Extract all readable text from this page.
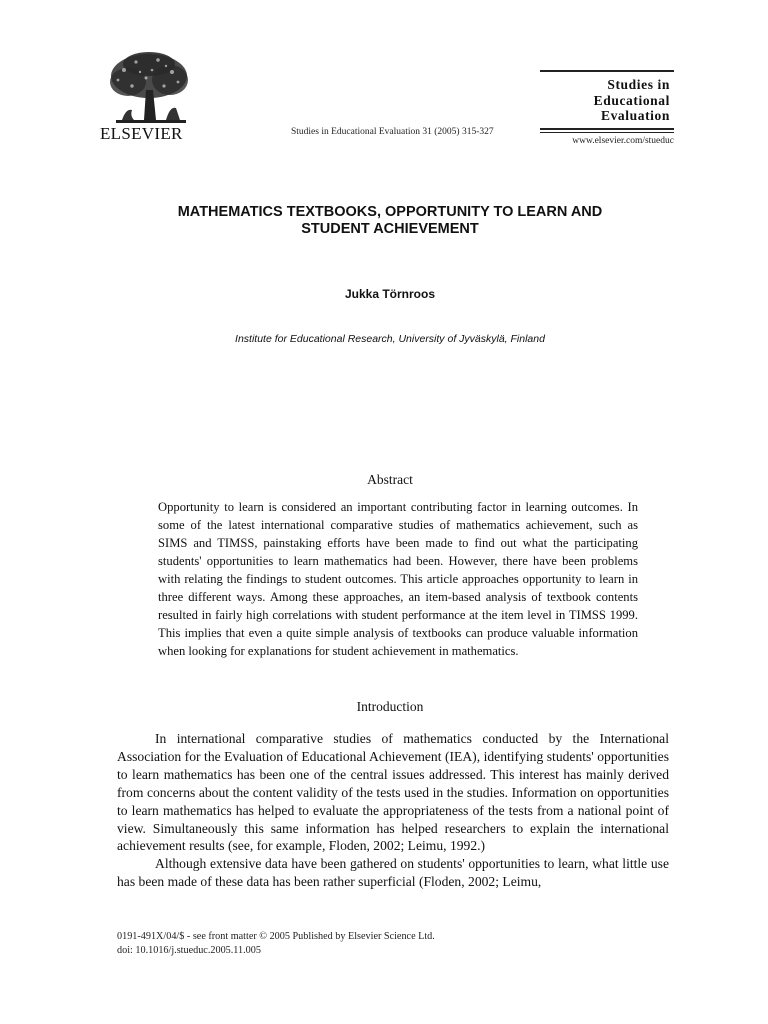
ELSEVIER	Studies in Educational Evaluation 31 (2005) 315-327
Studies in
Educational
Evaluation
www.elsevier.com/stueduc
MATHEMATICS TEXTBOOKS, OPPORTUNITY TO LEARN AND
STUDENT ACHIEVEMENT
Jukka Törnroos
Institute for Educational Research, University of Jyväskylä, Finland
Abstract
Opportunity to learn is considered an important contributing factor in learning outcomes. In some of the latest international comparative studies of mathematics achievement, such as SIMS and TIMSS, painstaking efforts have been made to find out what the participating students' opportunities to learn mathematics had been. However, there have been problems with relating the findings to student outcomes. This article approaches opportunity to learn in three different ways. Among these approaches, an item-based analysis of textbook contents resulted in fairly high correlations with student performance at the item level in TIMSS 1999. This implies that even a quite simple analysis of textbooks can produce valuable information when looking for explanations for student achievement in mathematics.
Introduction

In international comparative studies of mathematics conducted by the International Association for the Evaluation of Educational Achievement (IEA), identifying students' opportunities to learn mathematics has been one of the central issues addressed. This interest has mainly derived from concerns about the content validity of the tests used in the studies. Information on opportunities to learn mathematics has helped to evaluate the appropriateness of the tests from a national point of view. Simultaneously this same information has helped researchers to explain the international achievement results (see, for example, Floden, 2002; Leimu, 1992.)

Although extensive data have been gathered on students' opportunities to learn, what little use has been made of these data has been rather superficial (Floden, 2002; Leimu,

0191-491X/04/$ - see front matter © 2005 Published by Elsevier Science Ltd.
doi: 10.1016/j.stueduc.2005.11.005
